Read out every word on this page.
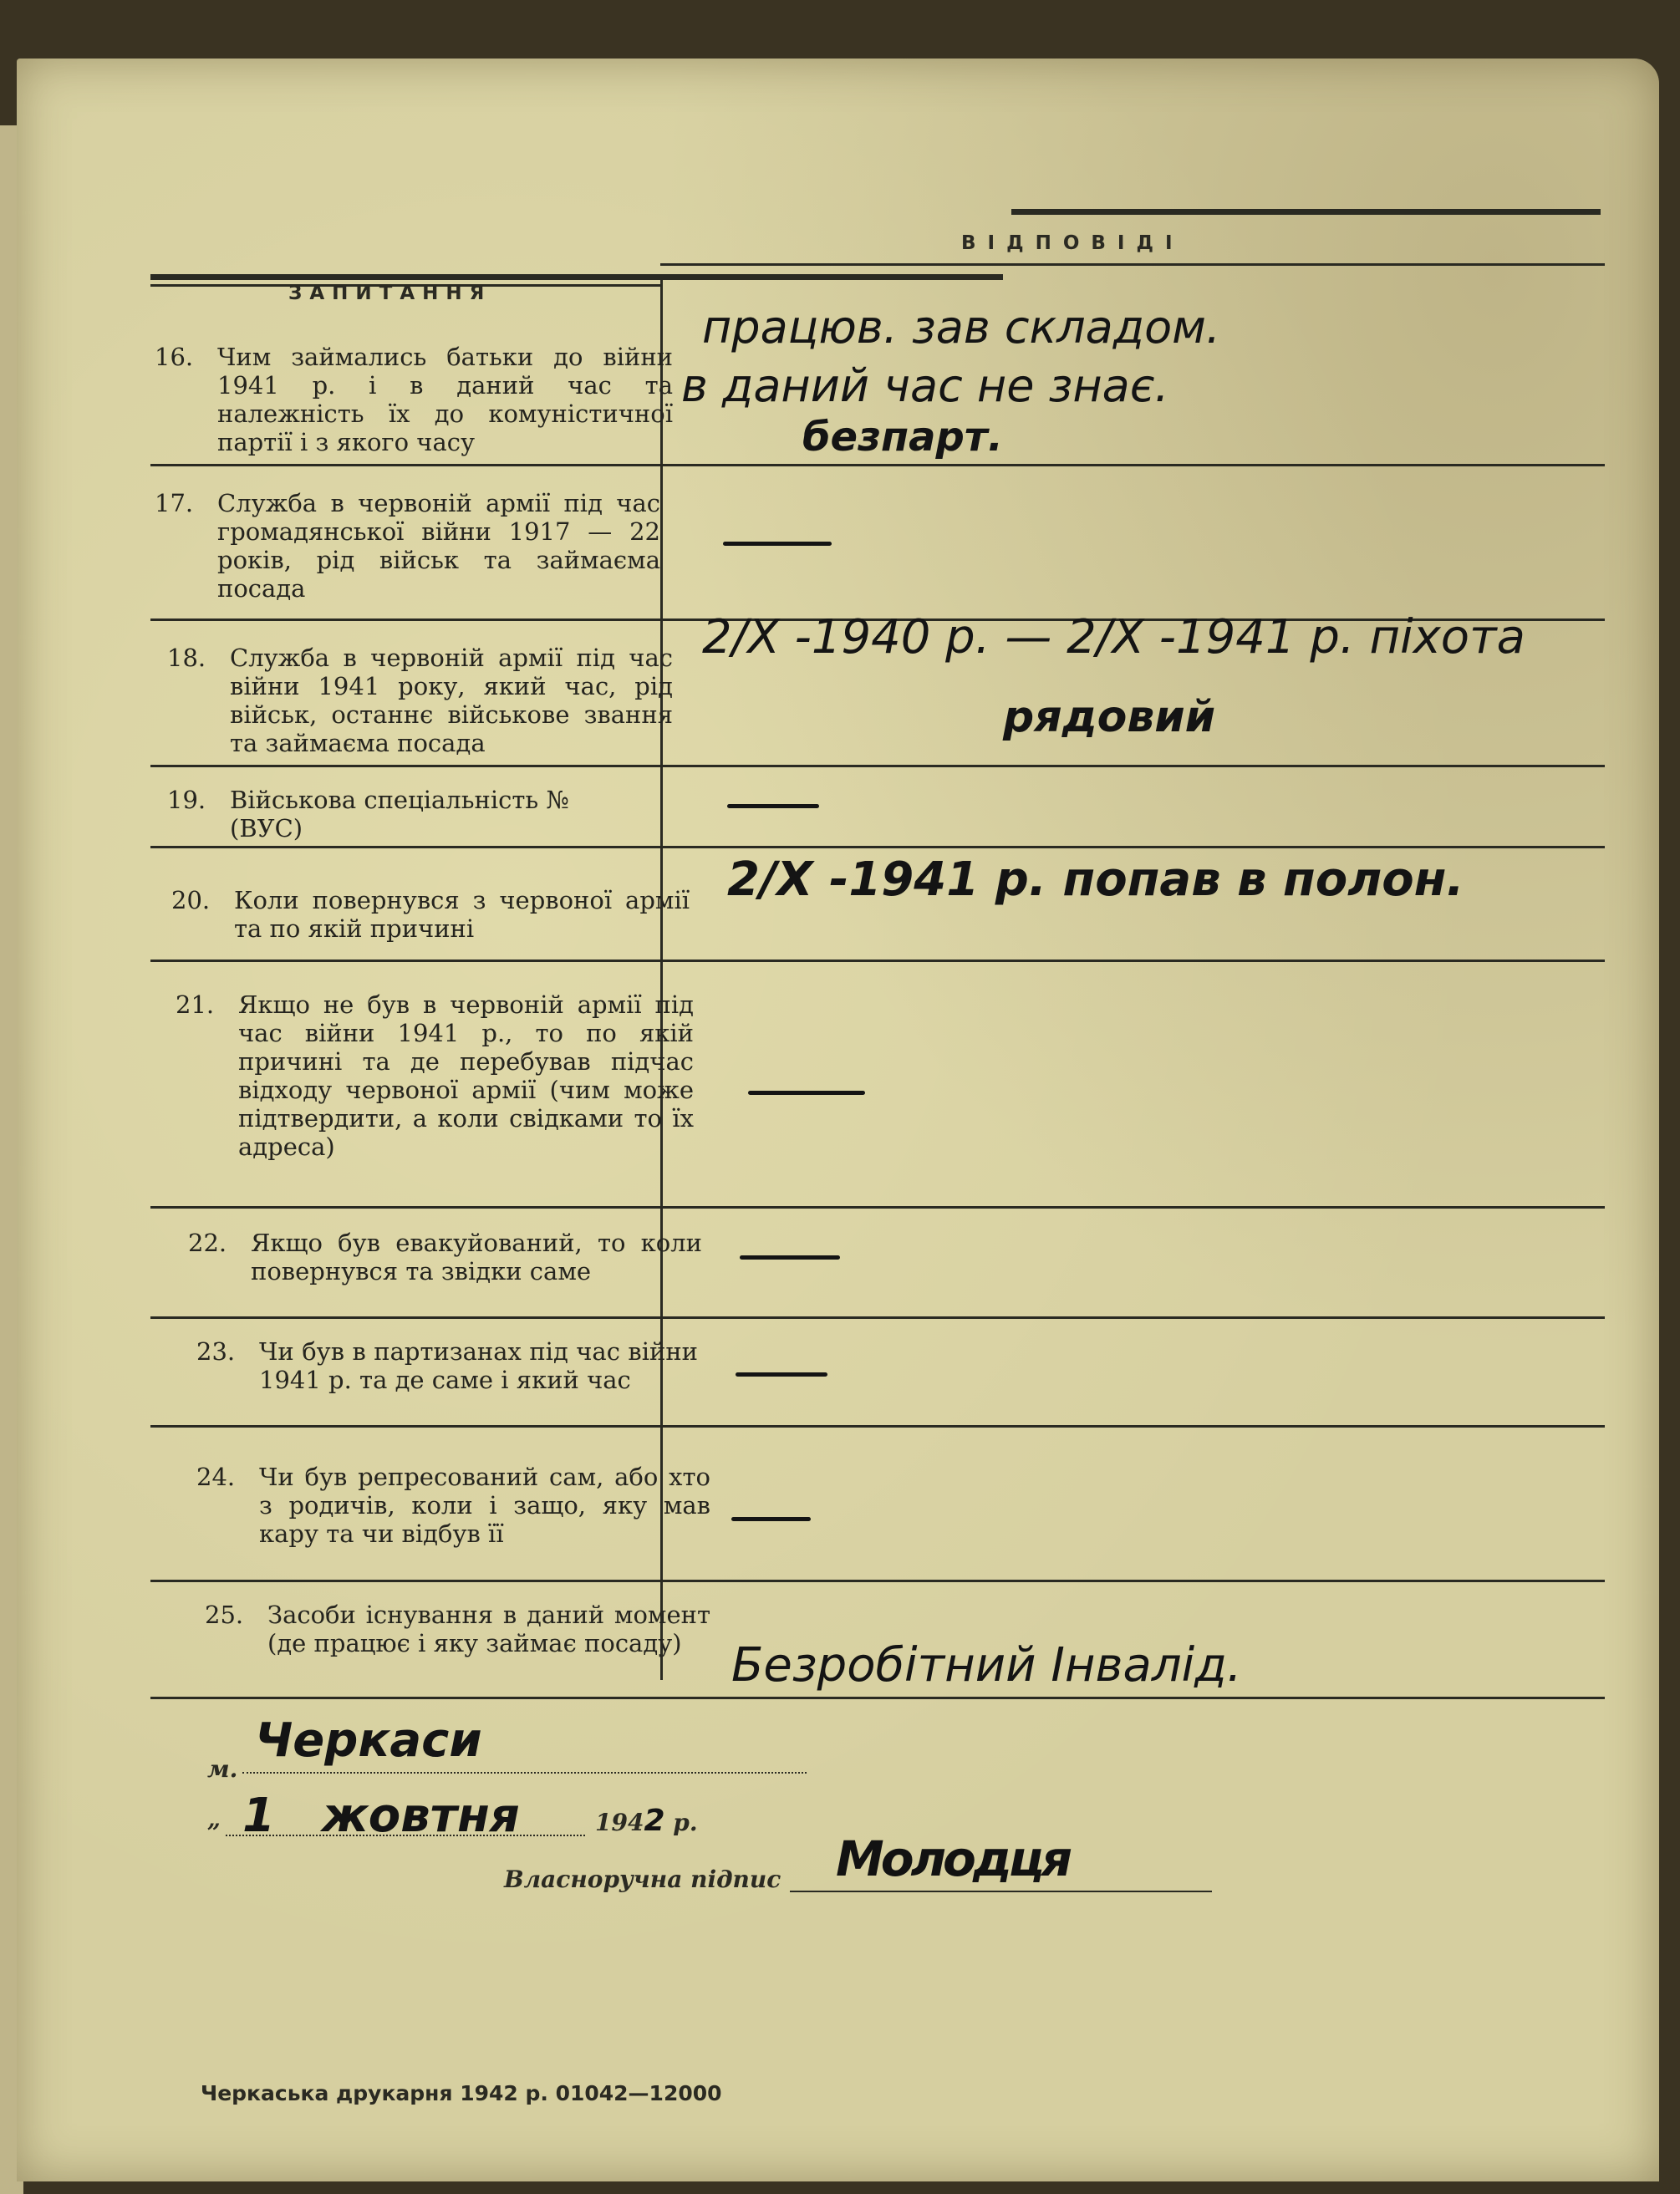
ВІДПОВІДІ
ЗАПИТАННЯ
16. Чим займались батьки до війни 1941 р. і в даний час та належність їх до комуністичної партії і з якого часу
працюв. зав складом.
в даний час не знає.
безпарт.
17. Служба в червоній армії під час громадянської війни 1917 — 22 років, рід військ та займаєма посада
18. Служба в червоній армії під час війни 1941 року, який час, рід військ, останнє військове звання та займаєма посада
2/X -1940 р. — 2/X -1941 р. піхота
рядовий
19. Військова спеціальність № (ВУС)
20. Коли повернувся з червоної армії та по якій причині
2/X -1941 р. попав в полон.
21. Якщо не був в червоній армії під час війни 1941 р., то по якій причині та де перебував підчас відходу червоної армії (чим може підтвердити, а коли свідками то їх адреса)
22. Якщо був евакуйований, то коли повернувся та звідки саме
23. Чи був в партизанах під час війни 1941 р. та де саме і який час
24. Чи був репресований сам, або хто з родичів, коли і защо, яку мав кару та чи відбув її
25. Засоби існування в даний момент (де працює і яку займає посаду)	Безробітний Інвалід.
м.
Черкаси
„ 1 жовтня	1942 р.
Власноручна підпис Молодця
Черкаська друкарня 1942 р. 01042—12000
